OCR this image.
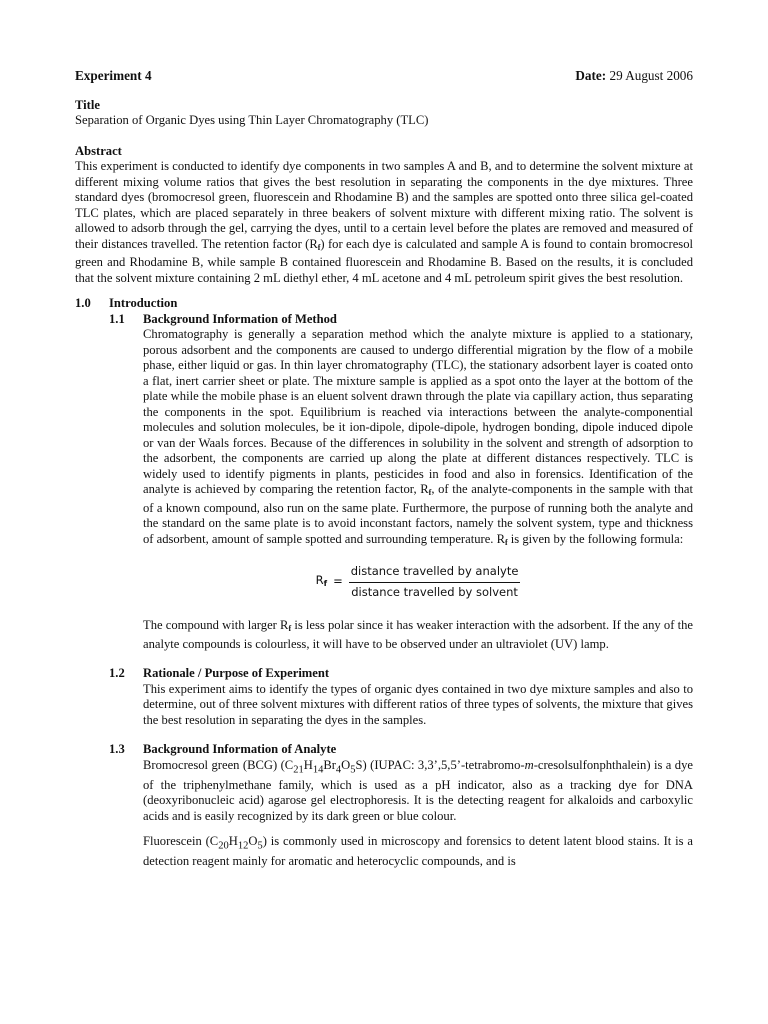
Experiment 4	Date: 29 August 2006
Title
Separation of Organic Dyes using Thin Layer Chromatography (TLC)
Abstract
This experiment is conducted to identify dye components in two samples A and B, and to determine the solvent mixture at different mixing volume ratios that gives the best resolution in separating the components in the dye mixtures. Three standard dyes (bromocresol green, fluorescein and Rhodamine B) and the samples are spotted onto three silica gel-coated TLC plates, which are placed separately in three beakers of solvent mixture with different mixing ratio. The solvent is allowed to adsorb through the gel, carrying the dyes, until to a certain level before the plates are removed and measured of their distances travelled. The retention factor $(R_f)$ for each dye is calculated and sample A is found to contain bromocresol green and Rhodamine B, while sample B contained fluorescein and Rhodamine B. Based on the results, it is concluded that the solvent mixture containing 2 mL diethyl ether, 4 mL acetone and 4 mL petroleum spirit gives the best resolution.
1.0	Introduction
1.1	Background Information of Method
Chromatography is generally a separation method which the analyte mixture is applied to a stationary, porous adsorbent and the components are caused to undergo differential migration by the flow of a mobile phase, either liquid or gas. In thin layer chromatography (TLC), the stationary adsorbent layer is coated onto a flat, inert carrier sheet or plate. The mixture sample is applied as a spot onto the layer at the bottom of the plate while the mobile phase is an eluent solvent drawn through the plate via capillary action, thus separating the components in the spot. Equilibrium is reached via interactions between the analyte-componential molecules and solution molecules, be it ion-dipole, dipole-dipole, hydrogen bonding, dipole induced dipole or van der Waals forces. Because of the differences in solubility in the solvent and strength of adsorption to the adsorbent, the components are carried up along the plate at different distances respectively. TLC is widely used to identify pigments in plants, pesticides in food and also in forensics. Identification of the analyte is achieved by comparing the retention factor, $R_f$, of the analyte-components in the sample with that of a known compound, also run on the same plate. Furthermore, the purpose of running both the analyte and the standard on the same plate is to avoid inconstant factors, namely the solvent system, type and thickness of adsorbent, amount of sample spotted and surrounding temperature. $R_f$ is given by the following formula:
$R_f = \frac{\text{distance travelled by analyte}}{\text{distance travelled by solvent}}$
The compound with larger $R_f$ is less polar since it has weaker interaction with the adsorbent. If the any of the analyte compounds is colourless, it will have to be observed under an ultraviolet (UV) lamp.
1.2	Rationale / Purpose of Experiment
This experiment aims to identify the types of organic dyes contained in two dye mixture samples and also to determine, out of three solvent mixtures with different ratios of three types of solvents, the mixture that gives the best resolution in separating the dyes in the samples.
1.3	Background Information of Analyte
Bromocresol green (BCG) $(C_{21}H_{14}Br_4O_5S)$ (IUPAC: 3,3’,5,5’-tetrabromo-m-cresolsulfonphthalein) is a dye of the triphenylmethane family, which is used as a pH indicator, also as a tracking dye for DNA (deoxyribonucleic acid) agarose gel electrophoresis. It is the detecting reagent for alkaloids and carboxylic acids and is easily recognized by its dark green or blue colour.
Fluorescein $(C_{20}H_{12}O_5)$ is commonly used in microscopy and forensics to detent latent blood stains. It is a detection reagent mainly for aromatic and heterocyclic compounds, and is
